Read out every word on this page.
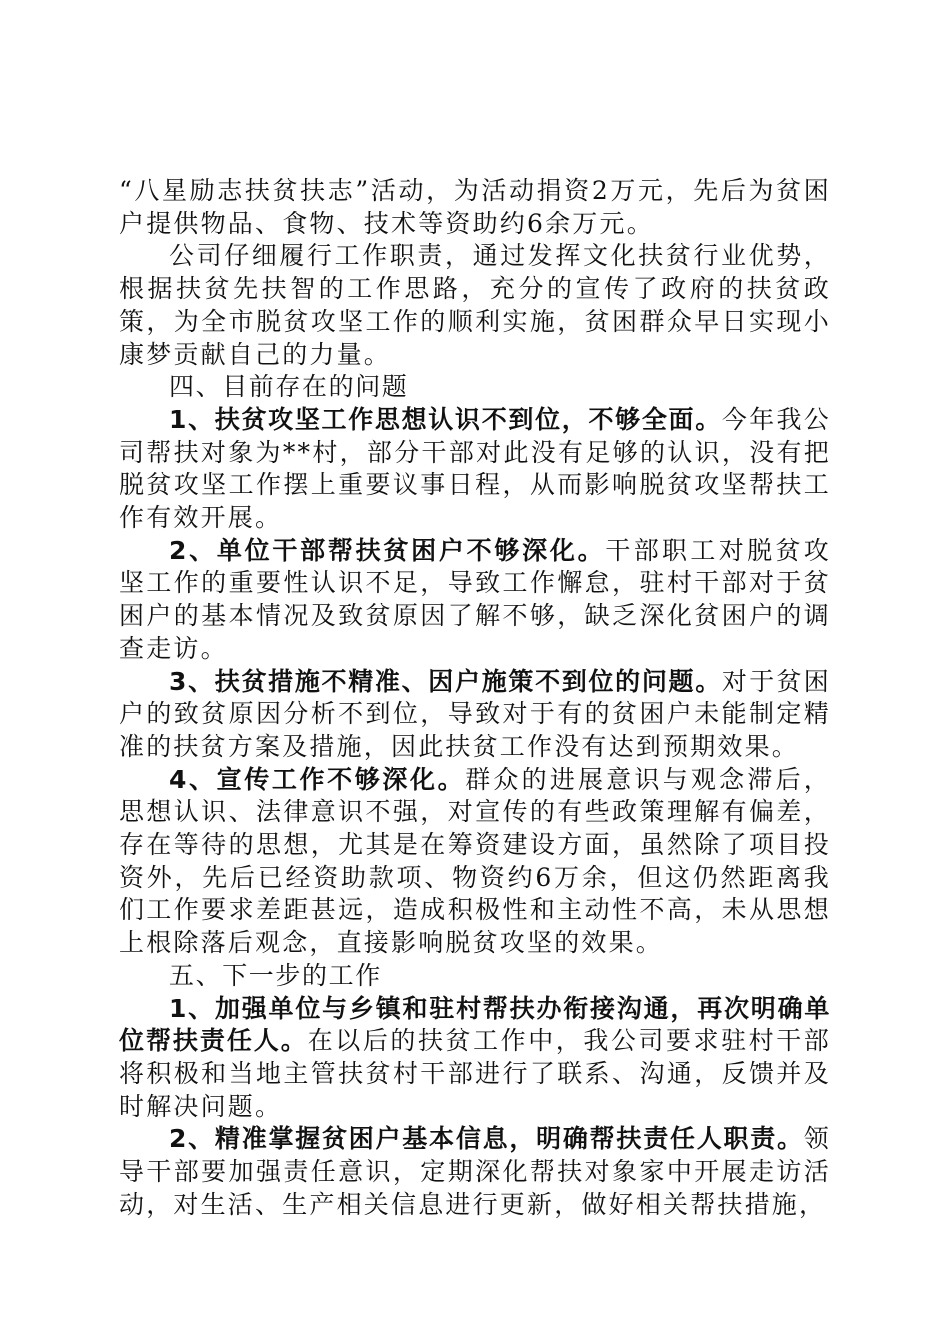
“八星励志扶贫扶志”活动，为活动捐资2万元，先后为贫困户提供物品、食物、技术等资助约6余万元。

公司仔细履行工作职责，通过发挥文化扶贫行业优势，根据扶贫先扶智的工作思路，充分的宣传了政府的扶贫政策，为全市脱贫攻坚工作的顺利实施，贫困群众早日实现小康梦贡献自己的力量。

四、目前存在的问题

1、扶贫攻坚工作思想认识不到位，不够全面。今年我公司帮扶对象为**村，部分干部对此没有足够的认识，没有把脱贫攻坚工作摆上重要议事日程，从而影响脱贫攻坚帮扶工作有效开展。

2、单位干部帮扶贫困户不够深化。干部职工对脱贫攻坚工作的重要性认识不足，导致工作懈怠，驻村干部对于贫困户的基本情况及致贫原因了解不够，缺乏深化贫困户的调查走访。

3、扶贫措施不精准、因户施策不到位的问题。对于贫困户的致贫原因分析不到位，导致对于有的贫困户未能制定精准的扶贫方案及措施，因此扶贫工作没有达到预期效果。

4、宣传工作不够深化。群众的进展意识与观念滞后，思想认识、法律意识不强，对宣传的有些政策理解有偏差，存在等待的思想，尤其是在筹资建设方面，虽然除了项目投资外，先后已经资助款项、物资约6万余，但这仍然距离我们工作要求差距甚远，造成积极性和主动性不高，未从思想上根除落后观念，直接影响脱贫攻坚的效果。

五、下一步的工作

1、加强单位与乡镇和驻村帮扶办衔接沟通，再次明确单位帮扶责任人。在以后的扶贫工作中，我公司要求驻村干部将积极和当地主管扶贫村干部进行了联系、沟通，反馈并及时解决问题。

2、精准掌握贫困户基本信息，明确帮扶责任人职责。领导干部要加强责任意识，定期深化帮扶对象家中开展走访活动，对生活、生产相关信息进行更新，做好相关帮扶措施，
